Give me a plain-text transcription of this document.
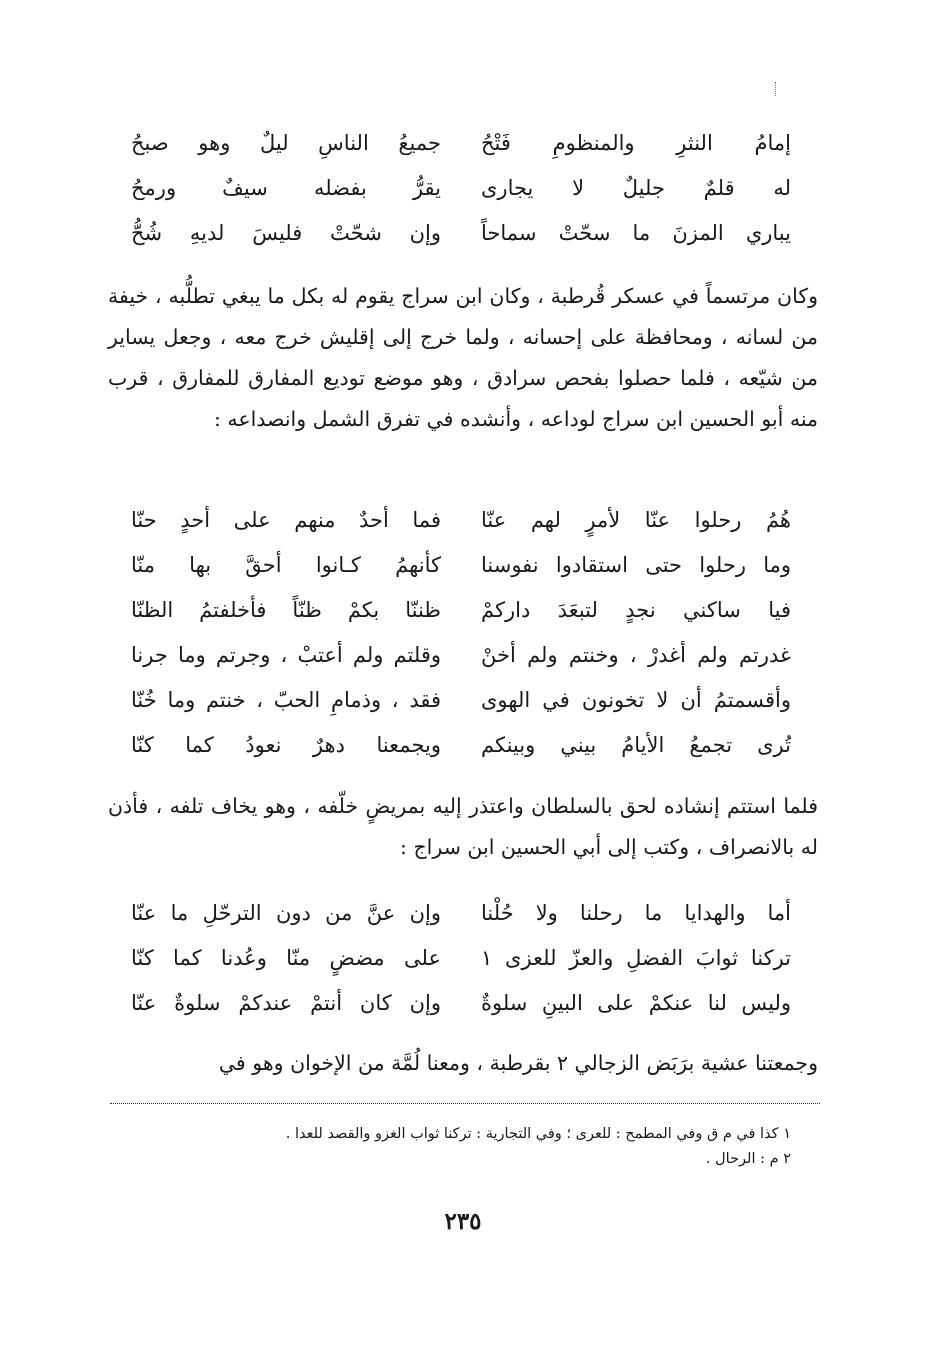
إمامُ النثرِ والمنظومِ فَتْحُ
جميعُ الناسِ ليلٌ وهو صبحُ
له قلمٌ جليلٌ لا يجارى
يقرُّ بفضله سيفٌ ورمحُ
يباري المزنَ ما سحّتْ سماحاً
وإن شحّتْ فليسَ لديهِ شُحُّ

وكان مرتسماً في عسكر قُرطبة ، وكان ابن سراج يقوم له بكل ما يبغي تطلُّبه ، خيفة من لسانه ، ومحافظة على إحسانه ، ولما خرج إلى إقليش خرج معه ، وجعل يساير من شيّعه ، فلما حصلوا بفحص سرادق ، وهو موضع توديع المفارق للمفارق ، قرب منه أبو الحسين ابن سراج لوداعه ، وأنشده في تفرق الشمل وانصداعه :

هُمُ رحلوا عنّا لأمرٍ لهم عنّا
فما أحدٌ منهم على أحدٍ حنّا
وما رحلوا حتى استقادوا نفوسنا
كأنهمُ كـانوا أحقَّ بها منّا
فيا ساكني نجدٍ لتبعَدَ داركمْ
ظننّا بكمْ ظنّاً فأخلفتمُ الظنّا
غدرتم ولم أغدرْ ، وخنتم ولم أخنْ
وقلتم ولم أعتبْ ، وجرتم وما جرنا
وأقسمتمُ أن لا تخونون في الهوى
فقد ، وذمامِ الحبّ ، خنتم وما خُنّا
تُرى تجمعُ الأيامُ بيني وبينكم
ويجمعنا دهرٌ نعودُ كما كنّا

فلما استتم إنشاده لحق بالسلطان واعتذر إليه بمريضٍ خلّفه ، وهو يخاف تلفه ، فأذن له بالانصراف ، وكتب إلى أبي الحسين ابن سراج :

أما والهدايا ما رحلنا ولا حُلْنا
وإن عنَّ من دون الترحّلِ ما عنّا
تركنا ثوابَ الفضلِ والعزّ للعزى ١
على مضضٍ منّا وعُدنا كما كنّا
وليس لنا عنكمْ على البينِ سلوةٌ
وإن كان أنتمْ عندكمْ سلوةٌ عنّا

وجمعتنا عشية برَبَض الزجالي ٢ بقرطبة ، ومعنا لُمَّة من الإخوان وهو في

١ كذا في م ق وفي المطمح : للعرى ؛ وفي التجارية : تركنا ثواب الغزو والقصد للعدا .
٢ م : الرحال .
٢٣٥
